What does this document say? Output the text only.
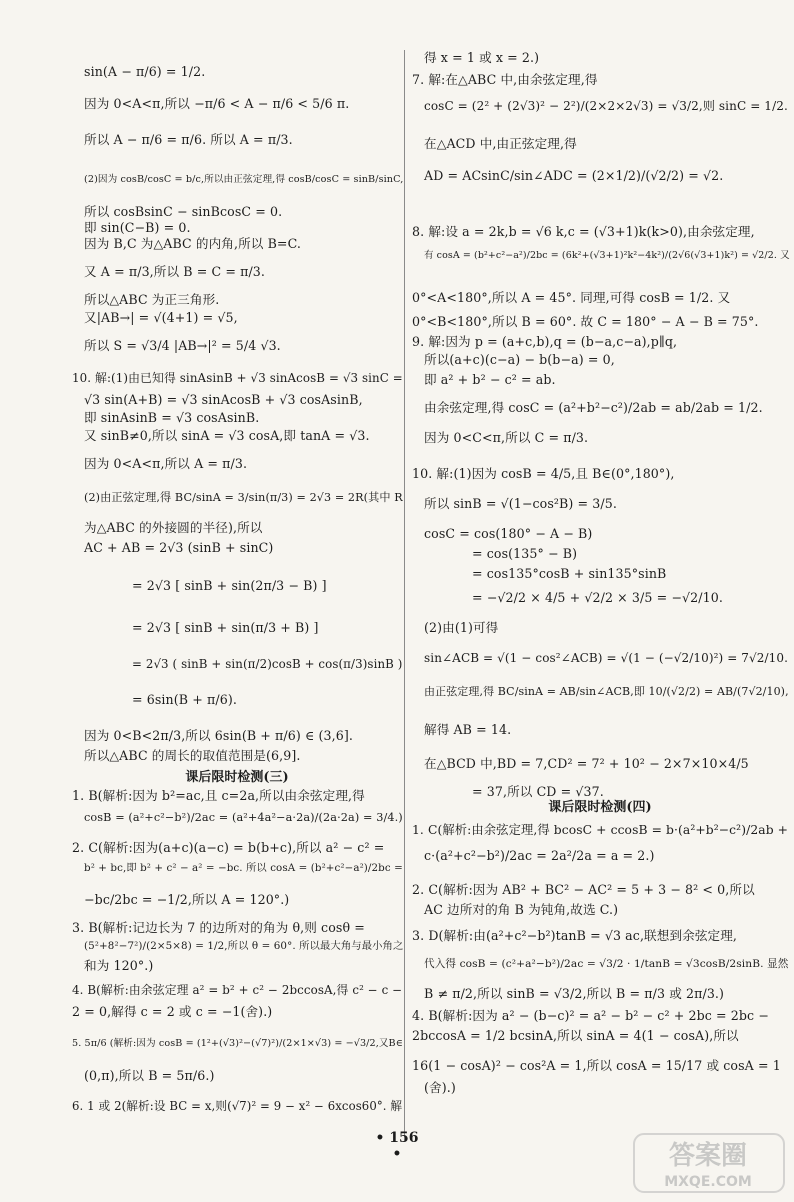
sin(A − π/6) = 1/2.
因为 0<A<π,所以 −π/6 < A − π/6 < 5/6 π.
所以 A − π/6 = π/6. 所以 A = π/3.
(2)因为 cosB/cosC = b/c,所以由正弦定理,得 cosB/cosC = sinB/sinC,
所以 cosBsinC − sinBcosC = 0.
即 sin(C−B) = 0.
因为 B,C 为△ABC 的内角,所以 B=C.
又 A = π/3,所以 B = C = π/3.
所以△ABC 为正三角形.
又|AB→| = √(4+1) = √5,
所以 S = √3/4 |AB→|² = 5/4 √3.
10. 解:(1)由已知得 sinAsinB + √3 sinAcosB = √3 sinC =
√3 sin(A+B) = √3 sinAcosB + √3 cosAsinB,
即 sinAsinB = √3 cosAsinB.
又 sinB≠0,所以 sinA = √3 cosA,即 tanA = √3.
因为 0<A<π,所以 A = π/3.
(2)由正弦定理,得 BC/sinA = 3/sin(π/3) = 2√3 = 2R(其中 R
为△ABC 的外接圆的半径),所以
AC + AB = 2√3 (sinB + sinC)
= 2√3 [ sinB + sin(2π/3 − B) ]
= 2√3 [ sinB + sin(π/3 + B) ]
= 2√3 ( sinB + sin(π/2)cosB + cos(π/3)sinB )
= 6sin(B + π/6).
因为 0<B<2π/3,所以 6sin(B + π/6) ∈ (3,6].
所以△ABC 的周长的取值范围是(6,9].
课后限时检测(三)
1. B(解析:因为 b²=ac,且 c=2a,所以由余弦定理,得
cosB = (a²+c²−b²)/2ac = (a²+4a²−a·2a)/(2a·2a) = 3/4.)
2. C(解析:因为(a+c)(a−c) = b(b+c),所以 a² − c² =
b² + bc,即 b² + c² − a² = −bc. 所以 cosA = (b²+c²−a²)/2bc =
−bc/2bc = −1/2,所以 A = 120°.)
3. B(解析:记边长为 7 的边所对的角为 θ,则 cosθ =
(5²+8²−7²)/(2×5×8) = 1/2,所以 θ = 60°. 所以最大角与最小角之
和为 120°.)
4. B(解析:由余弦定理 a² = b² + c² − 2bccosA,得 c² − c −
2 = 0,解得 c = 2 或 c = −1(舍).)
5. 5π/6 (解析:因为 cosB = (1²+(√3)²−(√7)²)/(2×1×√3) = −√3/2,又B∈
(0,π),所以 B = 5π/6.)
6. 1 或 2(解析:设 BC = x,则(√7)² = 9 − x² − 6xcos60°. 解
得 x = 1 或 x = 2.)
7. 解:在△ABC 中,由余弦定理,得
cosC = (2² + (2√3)² − 2²)/(2×2×2√3) = √3/2,则 sinC = 1/2.
在△ACD 中,由正弦定理,得
AD = ACsinC/sin∠ADC = (2×1/2)/(√2/2) = √2.
8. 解:设 a = 2k,b = √6 k,c = (√3+1)k(k>0),由余弦定理,
有 cosA = (b²+c²−a²)/2bc = (6k²+(√3+1)²k²−4k²)/(2√6(√3+1)k²) = √2/2. 又
0°<A<180°,所以 A = 45°. 同理,可得 cosB = 1/2. 又
0°<B<180°,所以 B = 60°. 故 C = 180° − A − B = 75°.
9. 解:因为 p = (a+c,b),q = (b−a,c−a),p∥q,
所以(a+c)(c−a) − b(b−a) = 0,
即 a² + b² − c² = ab.
由余弦定理,得 cosC = (a²+b²−c²)/2ab = ab/2ab = 1/2.
因为 0<C<π,所以 C = π/3.
10. 解:(1)因为 cosB = 4/5,且 B∈(0°,180°),
所以 sinB = √(1−cos²B) = 3/5.
cosC = cos(180° − A − B)
= cos(135° − B)
= cos135°cosB + sin135°sinB
= −√2/2 × 4/5 + √2/2 × 3/5 = −√2/10.
(2)由(1)可得
sin∠ACB = √(1 − cos²∠ACB) = √(1 − (−√2/10)²) = 7√2/10.
由正弦定理,得 BC/sinA = AB/sin∠ACB,即 10/(√2/2) = AB/(7√2/10),
解得 AB = 14.
在△BCD 中,BD = 7,CD² = 7² + 10² − 2×7×10×4/5
= 37,所以 CD = √37.
课后限时检测(四)
1. C(解析:由余弦定理,得 bcosC + ccosB = b·(a²+b²−c²)/2ab +
c·(a²+c²−b²)/2ac = 2a²/2a = a = 2.)
2. C(解析:因为 AB² + BC² − AC² = 5 + 3 − 8² < 0,所以
AC 边所对的角 B 为钝角,故选 C.)
3. D(解析:由(a²+c²−b²)tanB = √3 ac,联想到余弦定理,
代入得 cosB = (c²+a²−b²)/2ac = √3/2 · 1/tanB = √3cosB/2sinB. 显然
B ≠ π/2,所以 sinB = √3/2,所以 B = π/3 或 2π/3.)
4. B(解析:因为 a² − (b−c)² = a² − b² − c² + 2bc = 2bc −
2bccosA = 1/2 bcsinA,所以 sinA = 4(1 − cosA),所以
16(1 − cosA)² − cos²A = 1,所以 cosA = 15/17 或 cosA = 1
(舍).)
• 156 •	答案圈
MXQE.COM
